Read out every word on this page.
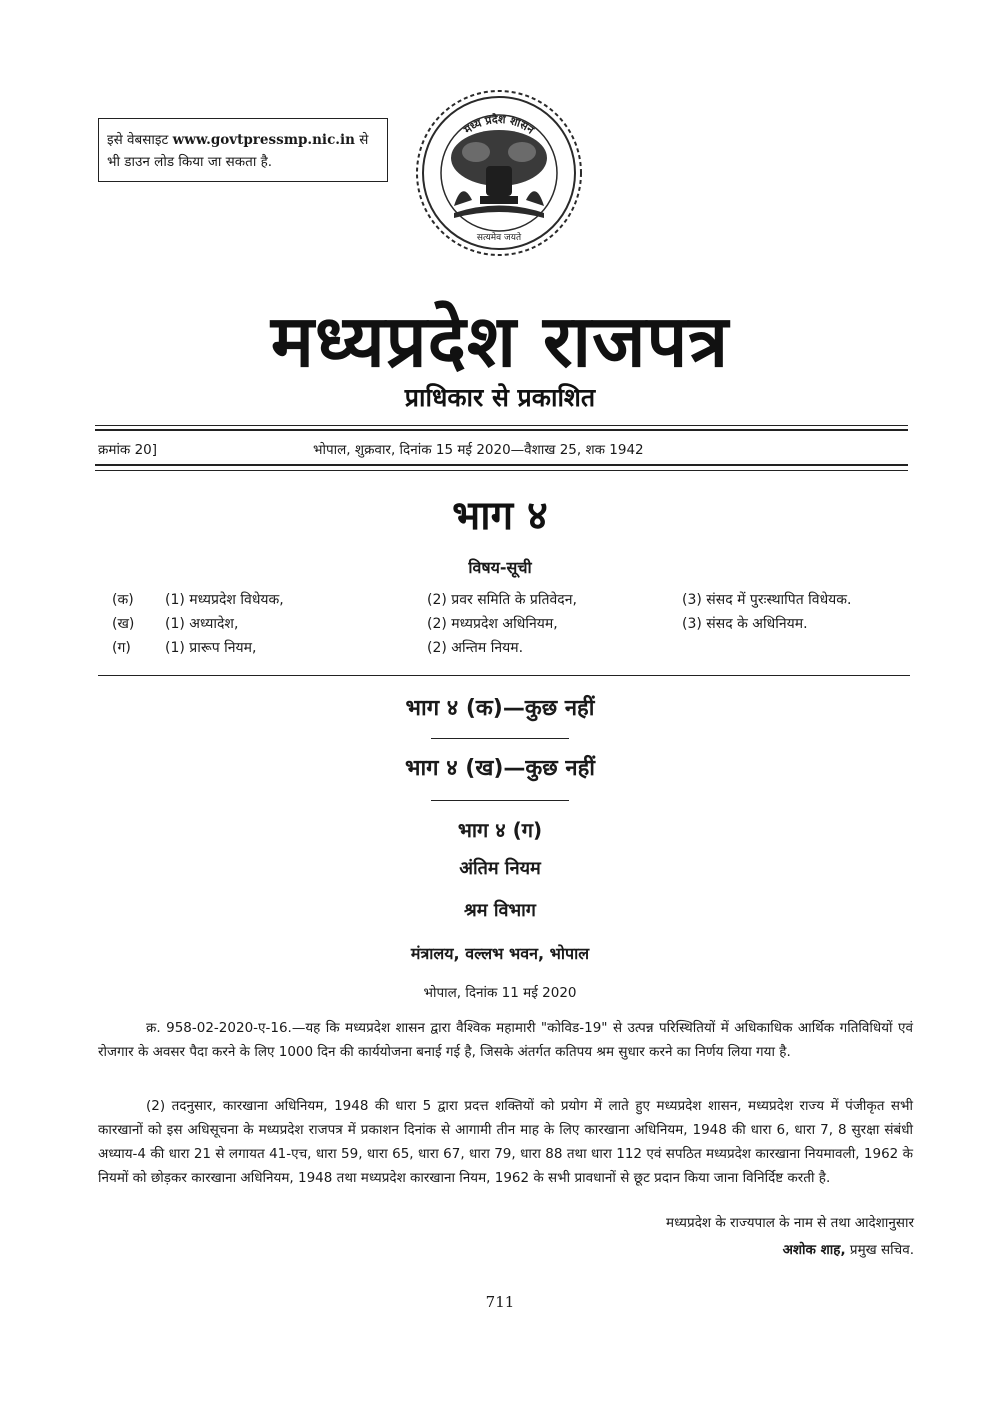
इसे वेबसाइट www.govtpressmp.nic.in से
भी डाउन लोड किया जा सकता है.
मध्य प्रदेश शासन
सत्यमेव जयते
मध्यप्रदेश राजपत्र
प्राधिकार से प्रकाशित
क्रमांक 20]	भोपाल, शुक्रवार, दिनांक 15 मई 2020—वैशाख 25, शक 1942
भाग ४
विषय-सूची
(क) (1) मध्यप्रदेश विधेयक,	(2) प्रवर समिति के प्रतिवेदन,	(3) संसद में पुरःस्थापित विधेयक.
(ख) (1) अध्यादेश,	(2) मध्यप्रदेश अधिनियम,	(3) संसद के अधिनियम.
(ग) (1) प्रारूप नियम,	(2) अन्तिम नियम.
भाग ४ (क)—कुछ नहीं
भाग ४ (ख)—कुछ नहीं
भाग ४ (ग)
अंतिम नियम
श्रम विभाग
मंत्रालय, वल्लभ भवन, भोपाल
भोपाल, दिनांक 11 मई 2020
क्र. 958-02-2020-ए-16.—यह कि मध्यप्रदेश शासन द्वारा वैश्विक महामारी "कोविड-19" से उत्पन्न परिस्थितियों में अधिकाधिक आर्थिक गतिविधियों एवं रोजगार के अवसर पैदा करने के लिए 1000 दिन की कार्ययोजना बनाई गई है, जिसके अंतर्गत कतिपय श्रम सुधार करने का निर्णय लिया गया है.
(2) तदनुसार, कारखाना अधिनियम, 1948 की धारा 5 द्वारा प्रदत्त शक्तियों को प्रयोग में लाते हुए मध्यप्रदेश शासन, मध्यप्रदेश राज्य में पंजीकृत सभी कारखानों को इस अधिसूचना के मध्यप्रदेश राजपत्र में प्रकाशन दिनांक से आगामी तीन माह के लिए कारखाना अधिनियम, 1948 की धारा 6, धारा 7, 8 सुरक्षा संबंधी अध्याय-4 की धारा 21 से लगायत 41-एच, धारा 59, धारा 65, धारा 67, धारा 79, धारा 88 तथा धारा 112 एवं सपठित मध्यप्रदेश कारखाना नियमावली, 1962 के नियमों को छोड़कर कारखाना अधिनियम, 1948 तथा मध्यप्रदेश कारखाना नियम, 1962 के सभी प्रावधानों से छूट प्रदान किया जाना विनिर्दिष्ट करती है.
मध्यप्रदेश के राज्यपाल के नाम से तथा आदेशानुसार
अशोक शाह, प्रमुख सचिव.
711
